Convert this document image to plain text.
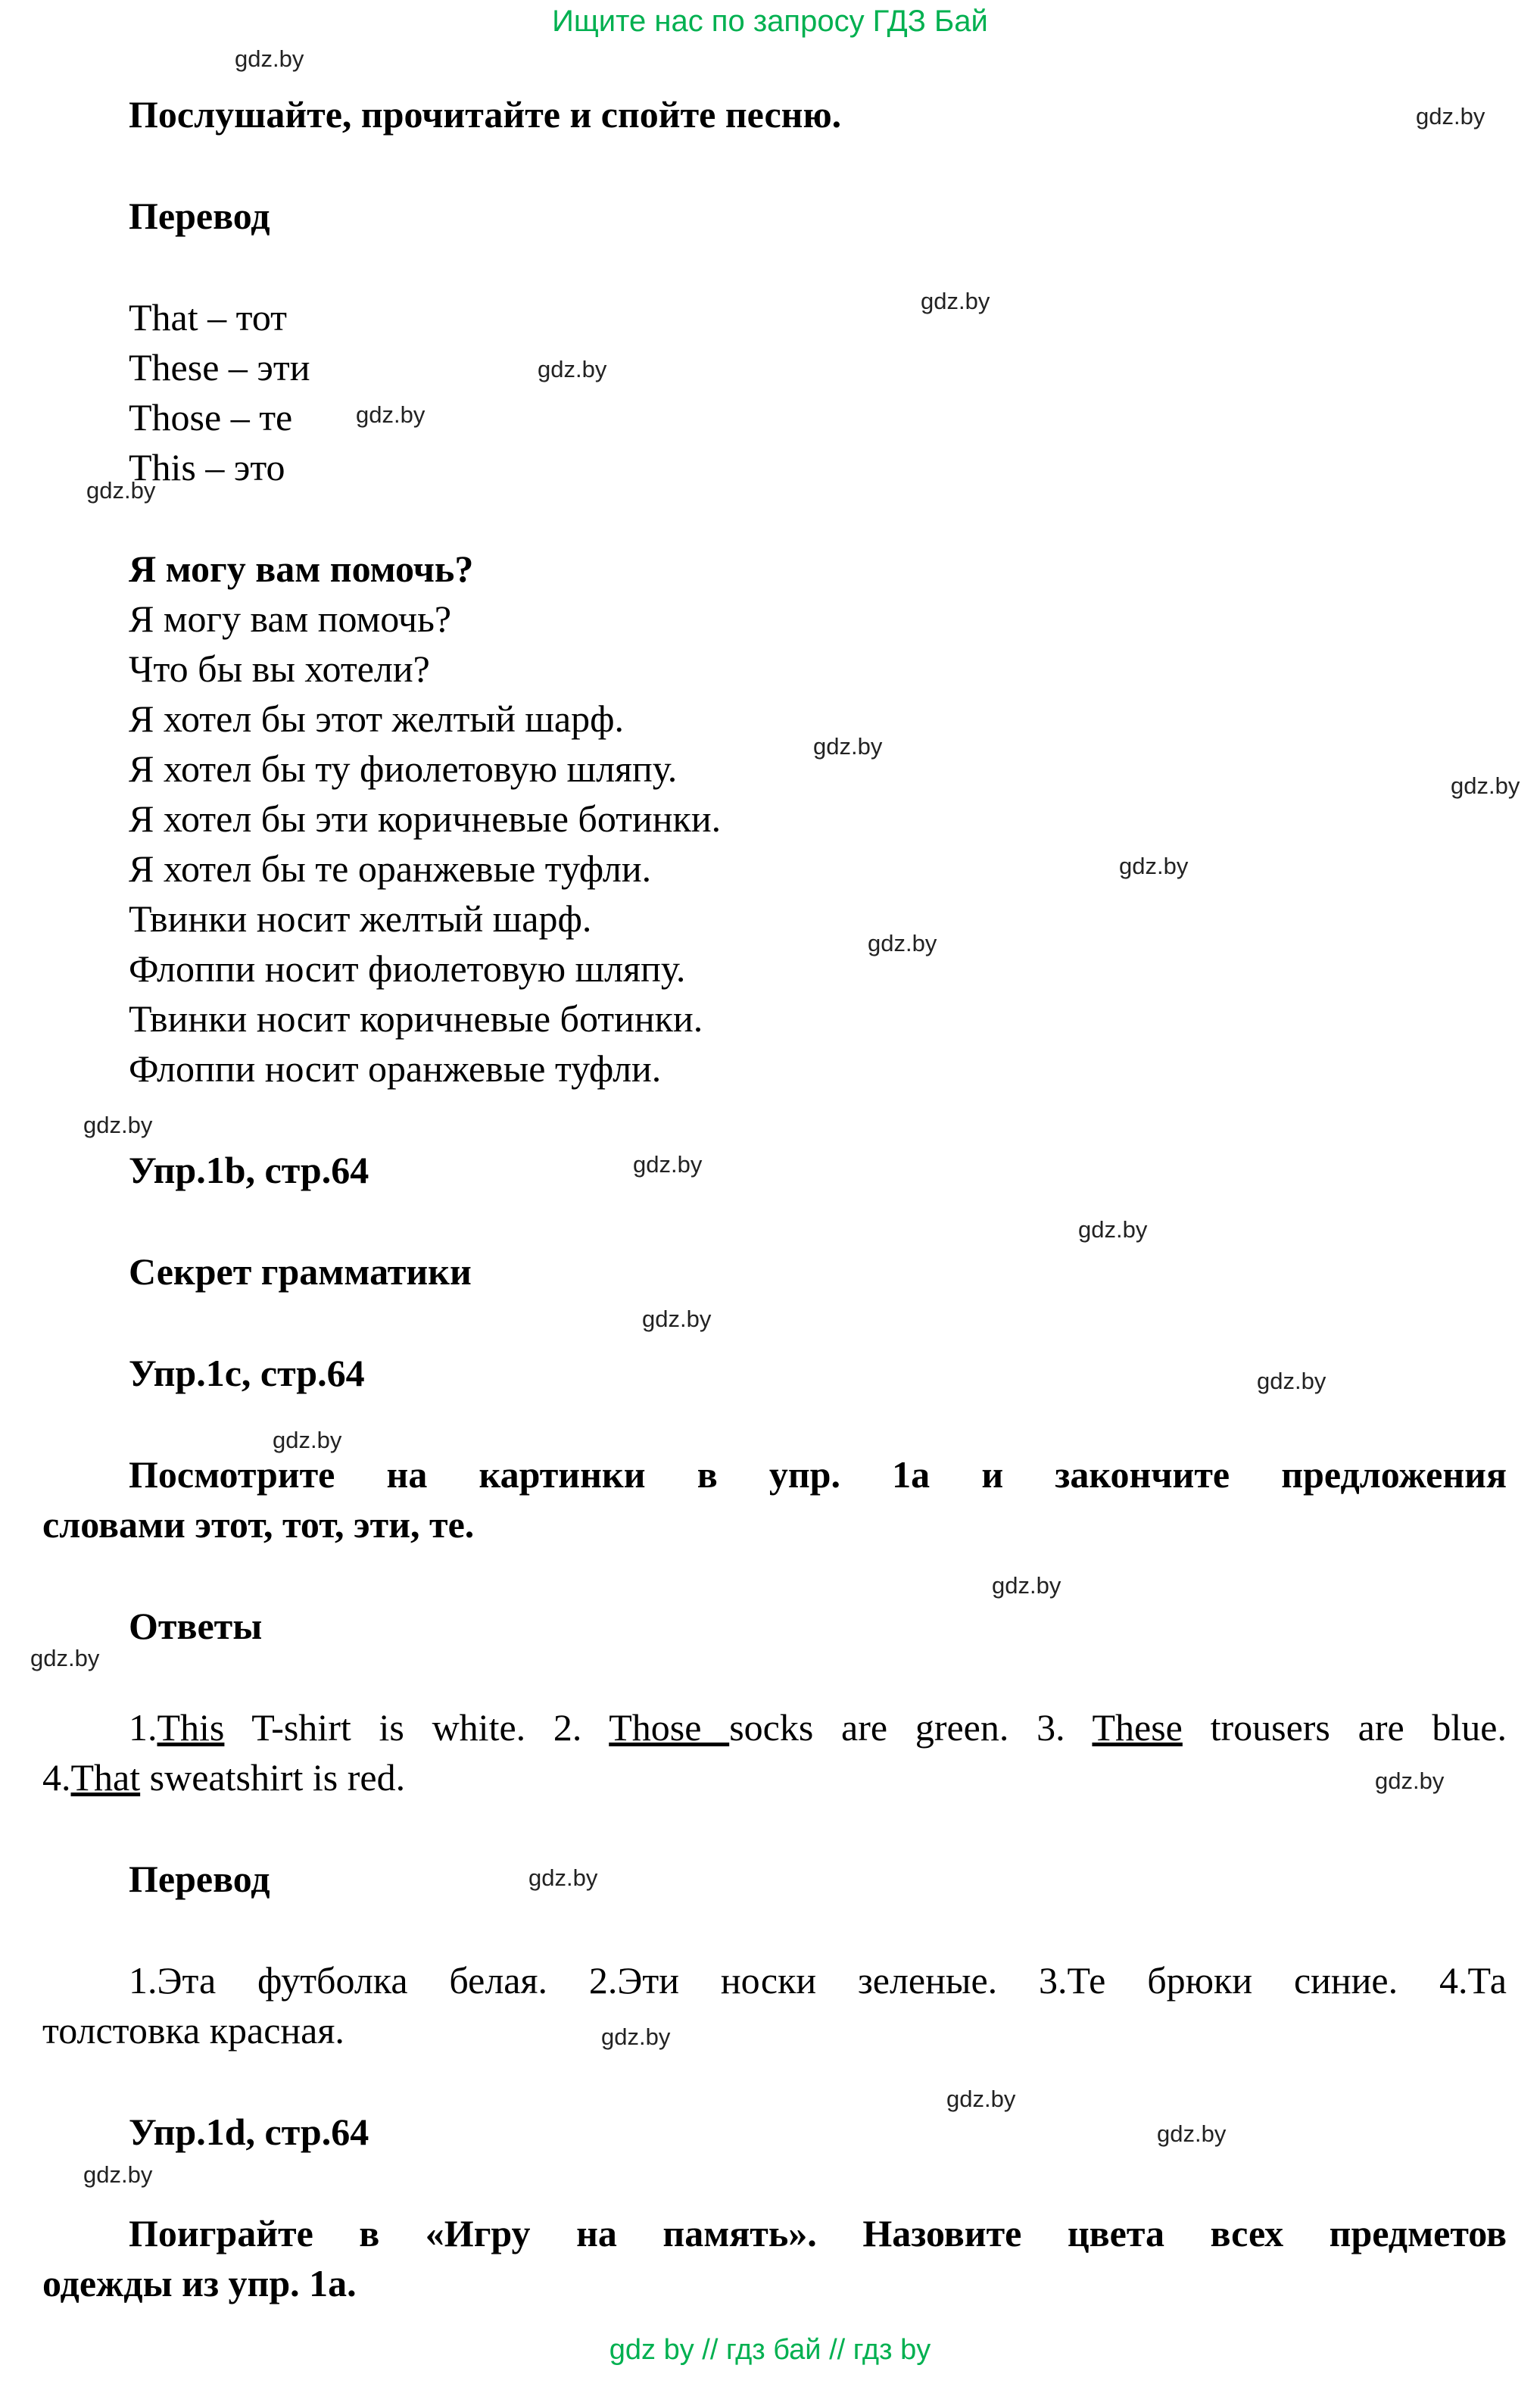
Ищите нас по запросу ГДЗ Бай
gdz.by
gdz.by
gdz.by
gdz.by
gdz.by
gdz.by
gdz.by
gdz.by
gdz.by
gdz.by
gdz.by
gdz.by
gdz.by
gdz.by
gdz.by
gdz.by
gdz.by
gdz.by
gdz.by
gdz.by
gdz.by
gdz.by
gdz.by
gdz.by

Послушайте, прочитайте и спойте песню.

Перевод

That – тот

These – эти

Those – те

This – это

Я могу вам помочь?

Я могу вам помочь?

Что бы вы хотели?

Я хотел бы этот желтый шарф.

Я хотел бы ту фиолетовую шляпу.

Я хотел бы эти коричневые ботинки.

Я хотел бы те оранжевые туфли.

Твинки носит желтый шарф.

Флоппи носит фиолетовую шляпу.

Твинки носит коричневые ботинки.

Флоппи носит оранжевые туфли.

Упр.1b, стр.64

Секрет грамматики

Упр.1c, стр.64

Посмотрите на картинки в упр. 1а и закончите предложения
словами этот, тот, эти, те.

Ответы

1.This T-shirt is white. 2. Those socks are green. 3. These trousers are blue.
4.That sweatshirt is red.

Перевод

1.Эта футболка белая. 2.Эти носки зеленые. 3.Те брюки синие. 4.Та
толстовка красная.

Упр.1d, стр.64

Поиграйте в «Игру на память». Назовите цвета всех предметов
одежды из упр. 1а.
gdz by // гдз бай // гдз by
